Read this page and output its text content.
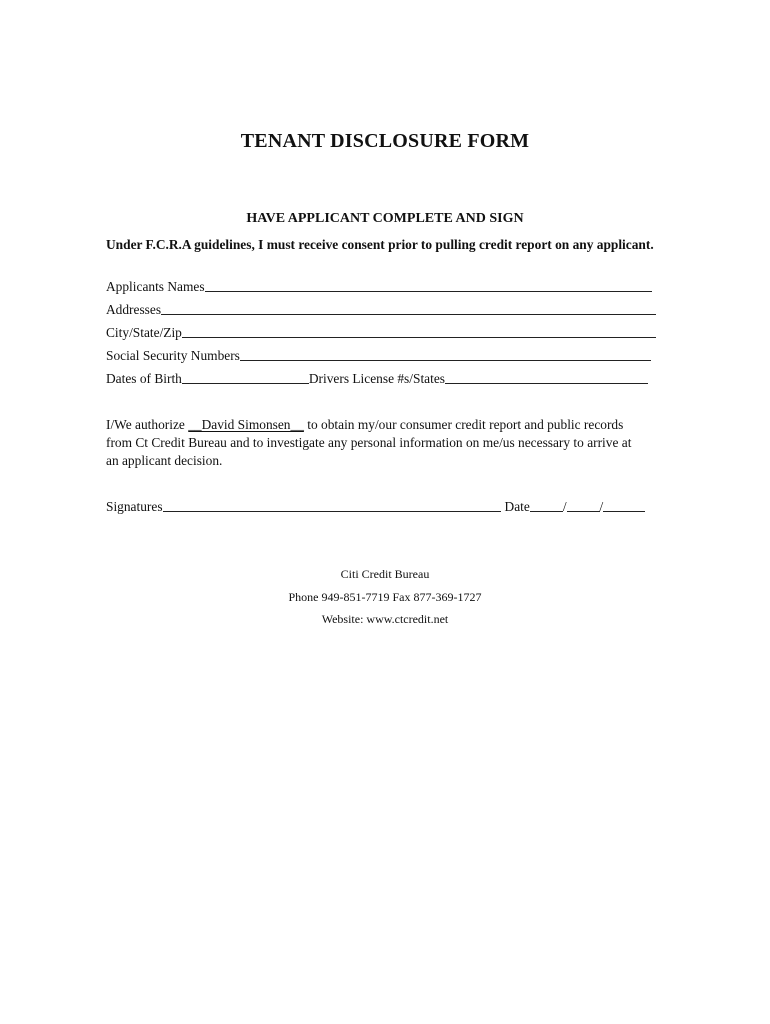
TENANT DISCLOSURE FORM
HAVE APPLICANT COMPLETE AND SIGN
Under F.C.R.A guidelines, I must receive consent prior to pulling credit report on any applicant.
Applicants Names
Addresses
City/State/Zip
Social Security Numbers
Dates of Birth	Drivers License #s/States
I/We authorize __David Simonsen__ to obtain my/our consumer credit report and public records
from Ct Credit Bureau and to investigate any personal information on me/us necessary to arrive at
an applicant decision.
Signatures	Date / /
Citi Credit Bureau
Phone 949-851-7719 Fax 877-369-1727
Website: www.ctcredit.net
